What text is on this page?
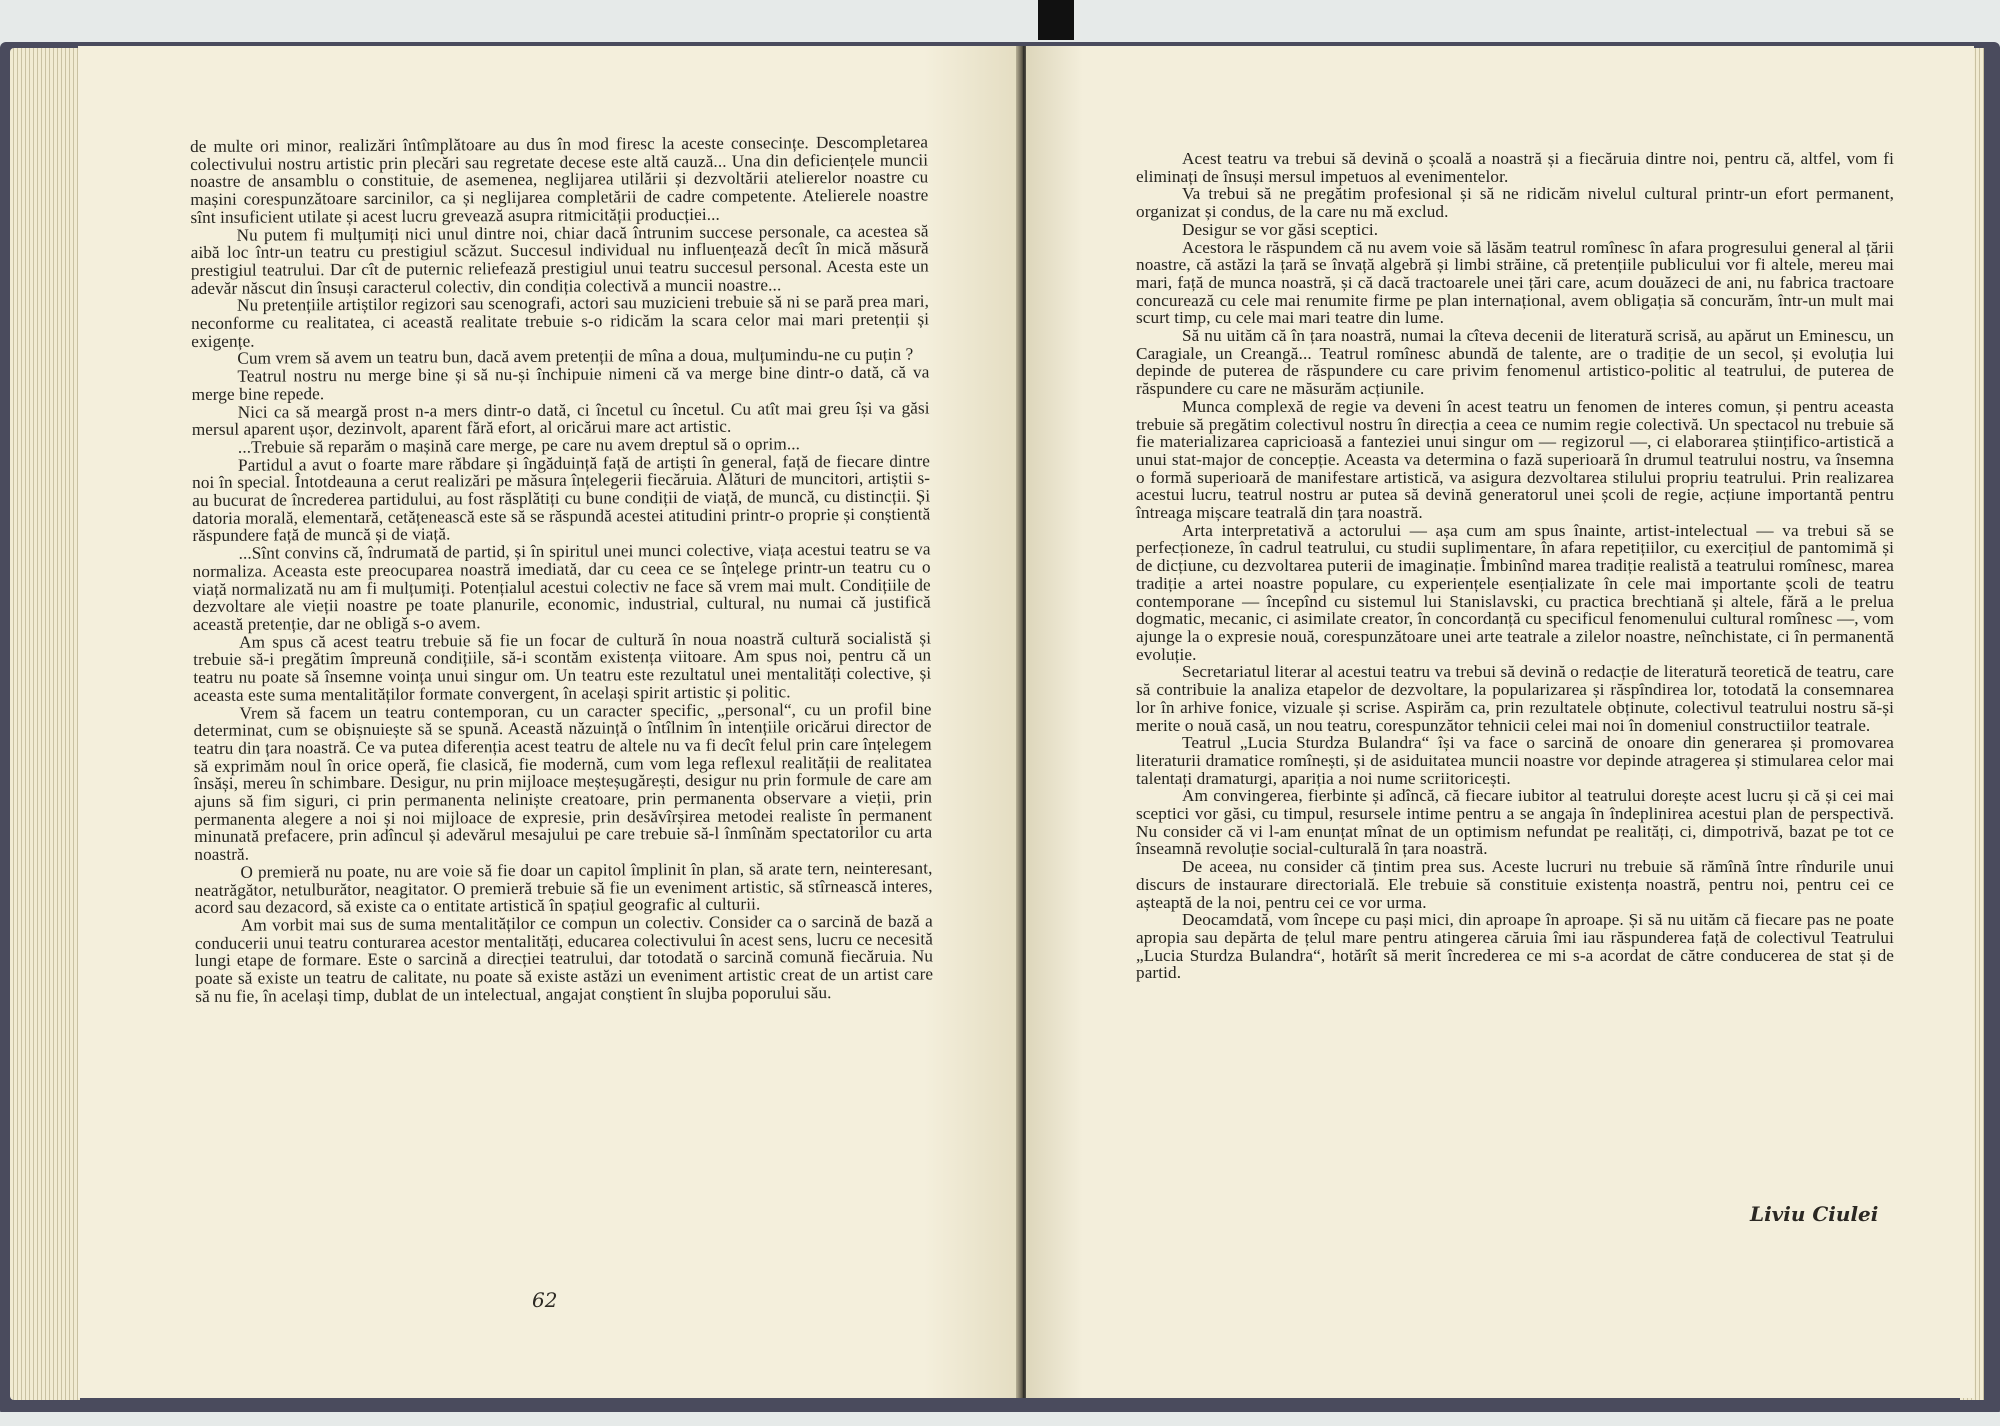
de multe ori minor, realizări întîmplătoare au dus în mod firesc la aceste consecințe. Descompletarea colectivului nostru artistic prin plecări sau regretate decese este altă cauză... Una din deficiențele muncii noastre de ansamblu o constituie, de asemenea, neglijarea utilării și dezvoltării atelierelor noastre cu mașini corespunzătoare sarcinilor, ca și neglijarea completării de cadre competente. Atelierele noastre sînt insuficient utilate și acest lucru grevează asupra ritmicității producției...

Nu putem fi mulțumiți nici unul dintre noi, chiar dacă întrunim succese personale, ca acestea să aibă loc într-un teatru cu prestigiul scăzut. Succesul individual nu influențează decît în mică măsură prestigiul teatrului. Dar cît de puternic reliefează prestigiul unui teatru succesul personal. Acesta este un adevăr născut din însuși caracterul colectiv, din condiția colectivă a muncii noastre...

Nu pretențiile artiștilor regizori sau scenografi, actori sau muzicieni trebuie să ni se pară prea mari, neconforme cu realitatea, ci această realitate trebuie s-o ridicăm la scara celor mai mari pretenții și exigențe.

Cum vrem să avem un teatru bun, dacă avem pretenții de mîna a doua, mulțumindu-ne cu puțin ?

Teatrul nostru nu merge bine și să nu-și închipuie nimeni că va merge bine dintr-o dată, că va merge bine repede.

Nici ca să meargă prost n-a mers dintr-o dată, ci încetul cu încetul. Cu atît mai greu își va găsi mersul aparent ușor, dezinvolt, aparent fără efort, al oricărui mare act artistic.

...Trebuie să reparăm o mașină care merge, pe care nu avem dreptul să o oprim...

Partidul a avut o foarte mare răbdare și îngăduință față de artiști în general, față de fiecare dintre noi în special. Întotdeauna a cerut realizări pe măsura înțelegerii fiecăruia. Alături de muncitori, artiștii s-au bucurat de încrederea partidului, au fost răsplătiți cu bune condiții de viață, de muncă, cu distincții. Și datoria morală, elementară, cetățenească este să se răspundă acestei atitudini printr-o proprie și conștientă răspundere față de muncă și de viață.

...Sînt convins că, îndrumată de partid, și în spiritul unei munci colective, viața acestui teatru se va normaliza. Aceasta este preocuparea noastră imediată, dar cu ceea ce se înțelege printr-un teatru cu o viață normalizată nu am fi mulțumiți. Potențialul acestui colectiv ne face să vrem mai mult. Condițiile de dezvoltare ale vieții noastre pe toate planurile, economic, industrial, cultural, nu numai că justifică această pretenție, dar ne obligă s-o avem.

Am spus că acest teatru trebuie să fie un focar de cultură în noua noastră cultură socialistă și trebuie să-i pregătim împreună condițiile, să-i scontăm existența viitoare. Am spus noi, pentru că un teatru nu poate să însemne voința unui singur om. Un teatru este rezultatul unei mentalități colective, și aceasta este suma mentalităților formate convergent, în același spirit artistic și politic.

Vrem să facem un teatru contemporan, cu un caracter specific, „personal“, cu un profil bine determinat, cum se obișnuiește să se spună. Această năzuință o întîlnim în intențiile oricărui director de teatru din țara noastră. Ce va putea diferenția acest teatru de altele nu va fi decît felul prin care înțelegem să exprimăm noul în orice operă, fie clasică, fie modernă, cum vom lega reflexul realității de realitatea însăși, mereu în schimbare. Desigur, nu prin mijloace meșteșugărești, desigur nu prin formule de care am ajuns să fim siguri, ci prin permanenta neliniște creatoare, prin permanenta observare a vieții, prin permanenta alegere a noi și noi mijloace de expresie, prin desăvîrșirea metodei realiste în permanent minunată prefacere, prin adîncul și adevărul mesajului pe care trebuie să-l înmînăm spectatorilor cu arta noastră.

O premieră nu poate, nu are voie să fie doar un capitol împlinit în plan, să arate tern, neinteresant, neatrăgător, netulburător, neagitator. O premieră trebuie să fie un eveniment artistic, să stîrnească interes, acord sau dezacord, să existe ca o entitate artistică în spațiul geografic al culturii.

Am vorbit mai sus de suma mentalităților ce compun un colectiv. Consider ca o sarcină de bază a conducerii unui teatru conturarea acestor mentalități, educarea colectivului în acest sens, lucru ce necesită lungi etape de formare. Este o sarcină a direcției teatrului, dar totodată o sarcină comună fiecăruia. Nu poate să existe un teatru de calitate, nu poate să existe astăzi un eveniment artistic creat de un artist care să nu fie, în același timp, dublat de un intelectual, angajat conștient în slujba poporului său.

62

Acest teatru va trebui să devină o școală a noastră și a fiecăruia dintre noi, pentru că, altfel, vom fi eliminați de însuși mersul impetuos al evenimentelor.

Va trebui să ne pregătim profesional și să ne ridicăm nivelul cultural printr-un efort permanent, organizat și condus, de la care nu mă exclud.

Desigur se vor găsi sceptici.

Acestora le răspundem că nu avem voie să lăsăm teatrul romînesc în afara progresului general al țării noastre, că astăzi la țară se învață algebră și limbi străine, că pretențiile publicului vor fi altele, mereu mai mari, față de munca noastră, și că dacă tractoarele unei țări care, acum douăzeci de ani, nu fabrica tractoare concurează cu cele mai renumite firme pe plan internațional, avem obligația să concurăm, într-un mult mai scurt timp, cu cele mai mari teatre din lume.

Să nu uităm că în țara noastră, numai la cîteva decenii de literatură scrisă, au apărut un Eminescu, un Caragiale, un Creangă... Teatrul romînesc abundă de talente, are o tradiție de un secol, și evoluția lui depinde de puterea de răspundere cu care privim fenomenul artistico-politic al teatrului, de puterea de răspundere cu care ne măsurăm acțiunile.

Munca complexă de regie va deveni în acest teatru un fenomen de interes comun, și pentru aceasta trebuie să pregătim colectivul nostru în direcția a ceea ce numim regie colectivă. Un spectacol nu trebuie să fie materializarea capricioasă a fanteziei unui singur om — regizorul —, ci elaborarea științifico-artistică a unui stat-major de concepție. Aceasta va determina o fază superioară în drumul teatrului nostru, va însemna o formă superioară de manifestare artistică, va asigura dezvoltarea stilului propriu teatrului. Prin realizarea acestui lucru, teatrul nostru ar putea să devină generatorul unei școli de regie, acțiune importantă pentru întreaga mișcare teatrală din țara noastră.

Arta interpretativă a actorului — așa cum am spus înainte, artist-intelectual — va trebui să se perfecționeze, în cadrul teatrului, cu studii suplimentare, în afara repetițiilor, cu exercițiul de pantomimă și de dicțiune, cu dezvoltarea puterii de imaginație. Îmbinînd marea tradiție realistă a teatrului romînesc, marea tradiție a artei noastre populare, cu experiențele esențializate în cele mai importante școli de teatru contemporane — începînd cu sistemul lui Stanislavski, cu practica brechtiană și altele, fără a le prelua dogmatic, mecanic, ci asimilate creator, în concordanță cu specificul fenomenului cultural romînesc —, vom ajunge la o expresie nouă, corespunzătoare unei arte teatrale a zilelor noastre, neînchistate, ci în permanentă evoluție.

Secretariatul literar al acestui teatru va trebui să devină o redacție de literatură teoretică de teatru, care să contribuie la analiza etapelor de dezvoltare, la popularizarea și răspîndirea lor, totodată la consemnarea lor în arhive fonice, vizuale și scrise. Aspirăm ca, prin rezultatele obținute, colectivul teatrului nostru să-și merite o nouă casă, un nou teatru, corespunzător tehnicii celei mai noi în domeniul constructiilor teatrale.

Teatrul „Lucia Sturdza Bulandra“ își va face o sarcină de onoare din generarea și promovarea literaturii dramatice romînești, și de asiduitatea muncii noastre vor depinde atragerea și stimularea celor mai talentați dramaturgi, apariția a noi nume scriitoricești.

Am convingerea, fierbinte și adîncă, că fiecare iubitor al teatrului dorește acest lucru și că și cei mai sceptici vor găsi, cu timpul, resursele intime pentru a se angaja în îndeplinirea acestui plan de perspectivă. Nu consider că vi l-am enunțat mînat de un optimism nefundat pe realități, ci, dimpotrivă, bazat pe tot ce înseamnă revoluție social-culturală în țara noastră.

De aceea, nu consider că țintim prea sus. Aceste lucruri nu trebuie să rămînă între rîndurile unui discurs de instaurare directorială. Ele trebuie să constituie existența noastră, pentru noi, pentru cei ce așteaptă de la noi, pentru cei ce vor urma.

Deocamdată, vom începe cu pași mici, din aproape în aproape. Și să nu uităm că fiecare pas ne poate apropia sau depărta de țelul mare pentru atingerea căruia îmi iau răspunderea față de colectivul Teatrului „Lucia Sturdza Bulandra“, hotărît să merit încrederea ce mi s-a acordat de către conducerea de stat și de partid.

Liviu Ciulei
